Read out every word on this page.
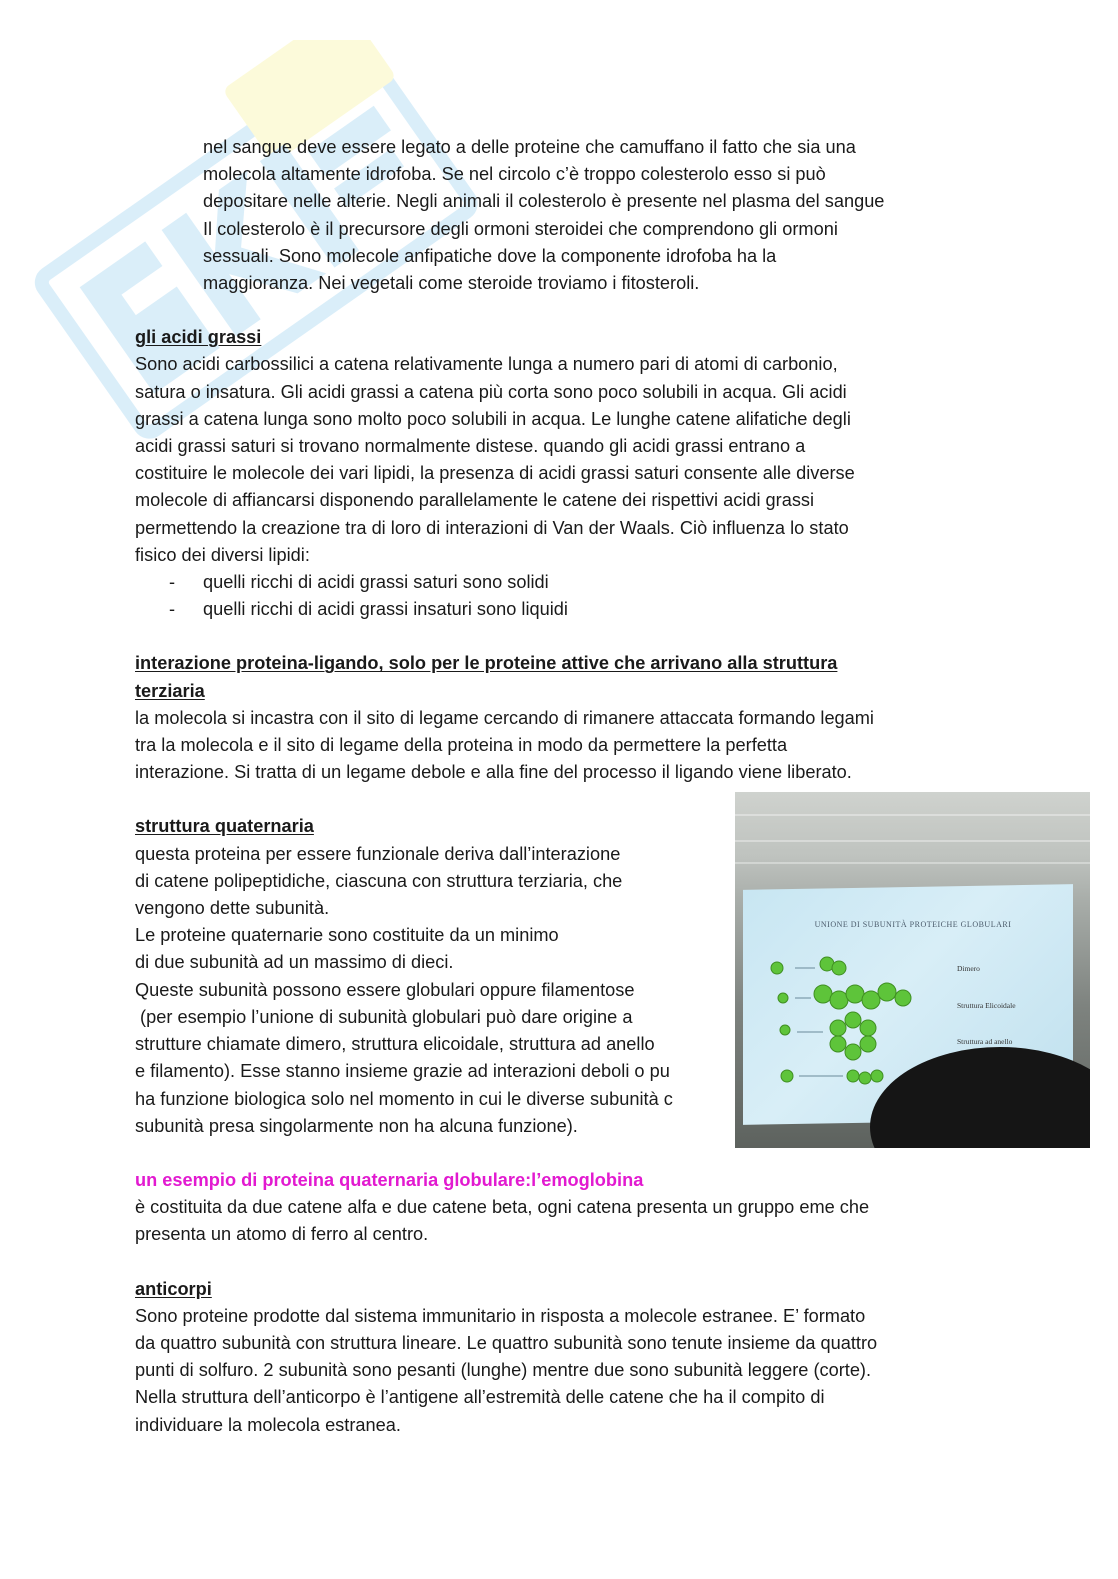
nel sangue deve essere legato a delle proteine che camuffano il fatto che sia una

molecola altamente idrofoba. Se nel circolo c’è troppo colesterolo esso si può

depositare nelle alterie. Negli animali il colesterolo è presente nel plasma del sangue

Il colesterolo è il precursore degli ormoni steroidei che comprendono gli ormoni

sessuali. Sono molecole anfipatiche dove la componente idrofoba ha la

maggioranza. Nei vegetali come steroide troviamo i fitosteroli.

gli acidi grassi

Sono acidi carbossilici a catena relativamente lunga a numero pari di atomi di carbonio,

satura o insatura. Gli acidi grassi a catena più corta sono poco solubili in acqua. Gli acidi

grassi a catena lunga sono molto poco solubili in acqua. Le lunghe catene alifatiche degli

acidi grassi saturi si trovano normalmente distese. quando gli acidi grassi entrano a

costituire le molecole dei vari lipidi, la presenza di acidi grassi saturi consente alle diverse

molecole di affiancarsi disponendo parallelamente le catene dei rispettivi acidi grassi

permettendo la creazione tra di loro di interazioni di Van der Waals. Ciò influenza lo stato

fisico dei diversi lipidi:

- quelli ricchi di acidi grassi saturi sono solidi
- quelli ricchi di acidi grassi insaturi sono liquidi
interazione proteina-ligando, solo per le proteine attive che arrivano alla struttura
terziaria

la molecola si incastra con il sito di legame cercando di rimanere attaccata formando legami

tra la molecola e il sito di legame della proteina in modo da permettere la perfetta

interazione. Si tratta di un legame debole e alla fine del processo il ligando viene liberato.

struttura quaternaria

questa proteina per essere funzionale deriva dall’interazione

di catene polipeptidiche, ciascuna con struttura terziaria, che

vengono dette subunità.

Le proteine quaternarie sono costituite da un minimo

di due subunità ad un massimo di dieci.

Queste subunità possono essere globulari oppure filamentose

(per esempio l’unione di subunità globulari può dare origine a

strutture chiamate dimero, struttura elicoidale, struttura ad anello

e filamento). Esse stanno insieme grazie ad interazioni deboli o pu

ha funzione biologica solo nel momento in cui le diverse subunità c

subunità presa singolarmente non ha alcuna funzione).

un esempio di proteina quaternaria globulare:l’emoglobina

è costituita da due catene alfa e due catene beta, ogni catena presenta un gruppo eme che

presenta un atomo di ferro al centro.

anticorpi

Sono proteine prodotte dal sistema immunitario in risposta a molecole estranee. E’ formato

da quattro subunità con struttura lineare. Le quattro subunità sono tenute insieme da quattro

punti di solfuro. 2 subunità sono pesanti (lunghe) mentre due sono subunità leggere (corte).

Nella struttura dell’anticorpo è l’antigene all’estremità delle catene che ha il compito di

individuare la molecola estranea.

UNIONE DI SUBUNITÀ PROTEICHE GLOBULARI
Dimero
Struttura Elicoidale
Struttura ad anello
